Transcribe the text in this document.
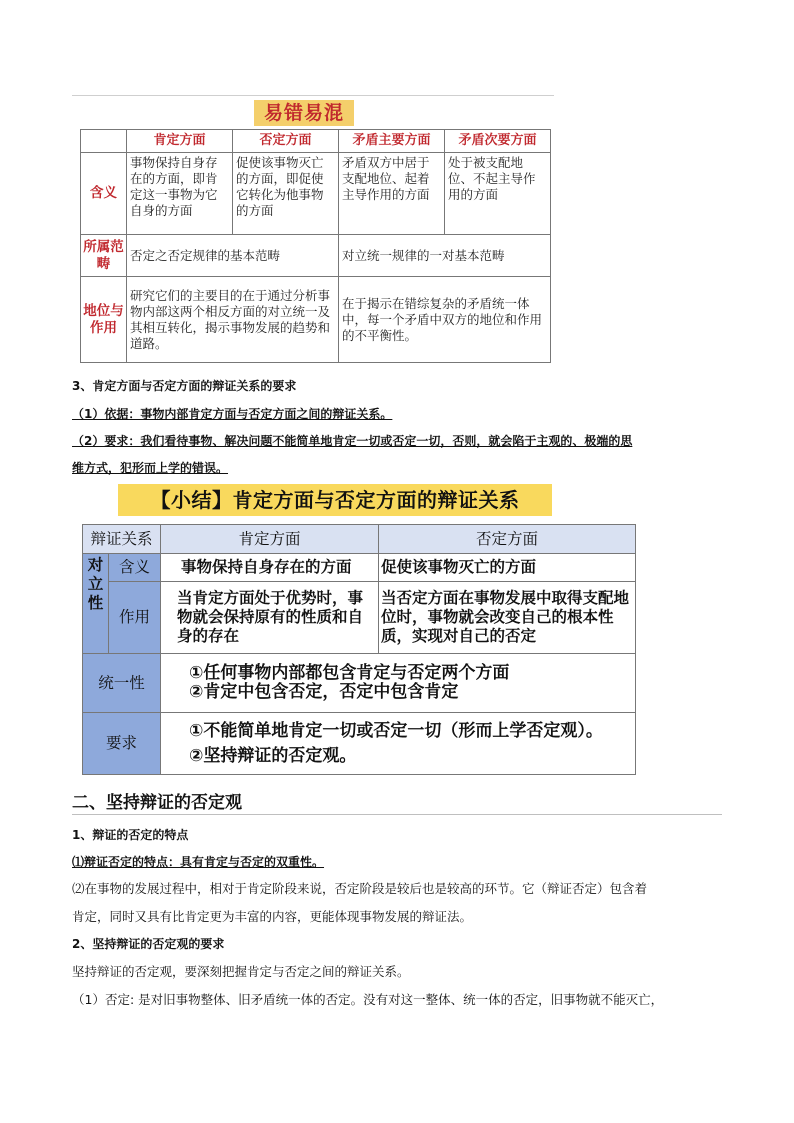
易错易混
	肯定方面	否定方面	矛盾主要方面	矛盾次要方面
含义	事物保持自身存在的方面，即肯定这一事物为它自身的方面	促使该事物灭亡的方面，即促使它转化为他事物的方面	矛盾双方中居于支配地位、起着主导作用的方面	处于被支配地位、不起主导作用的方面
所属范畴	否定之否定规律的基本范畴		对立统一规律的一对基本范畴	
地位与作用	研究它们的主要目的在于通过分析事物内部这两个相反方面的对立统一及其相互转化，揭示事物发展的趋势和道路。		在于揭示在错综复杂的矛盾统一体中，每一个矛盾中双方的地位和作用的不平衡性。	
3、肯定方面与否定方面的辩证关系的要求
（1）依据：事物内部肯定方面与否定方面之间的辩证关系。
（2）要求：我们看待事物、解决问题不能简单地肯定一切或否定一切，否则，就会陷于主观的、极端的思
维方式，犯形而上学的错误。
【小结】肯定方面与否定方面的辩证关系
辩证关系		肯定方面	否定方面
对立性	含义	事物保持自身存在的方面	促使该事物灭亡的方面
	作用	当肯定方面处于优势时，事物就会保持原有的性质和自身的存在	当否定方面在事物发展中取得支配地位时，事物就会改变自己的根本性质，实现对自己的否定
统一性		①任何事物内部都包含肯定与否定两个方面
②肯定中包含否定，否定中包含肯定	

要求		①不能简单地肯定一切或否定一切（形而上学否定观）。
②坚持辩证的否定观。	
二、坚持辩证的否定观
1、辩证的否定的特点
⑴辩证否定的特点：具有肯定与否定的双重性。
⑵在事物的发展过程中，相对于肯定阶段来说，否定阶段是较后也是较高的环节。它（辩证否定）包含着
肯定，同时又具有比肯定更为丰富的内容，更能体现事物发展的辩证法。
2、坚持辩证的否定观的要求
坚持辩证的否定观，要深刻把握肯定与否定之间的辩证关系。
（1）否定: 是对旧事物整体、旧矛盾统一体的否定。没有对这一整体、统一体的否定，旧事物就不能灭亡，
